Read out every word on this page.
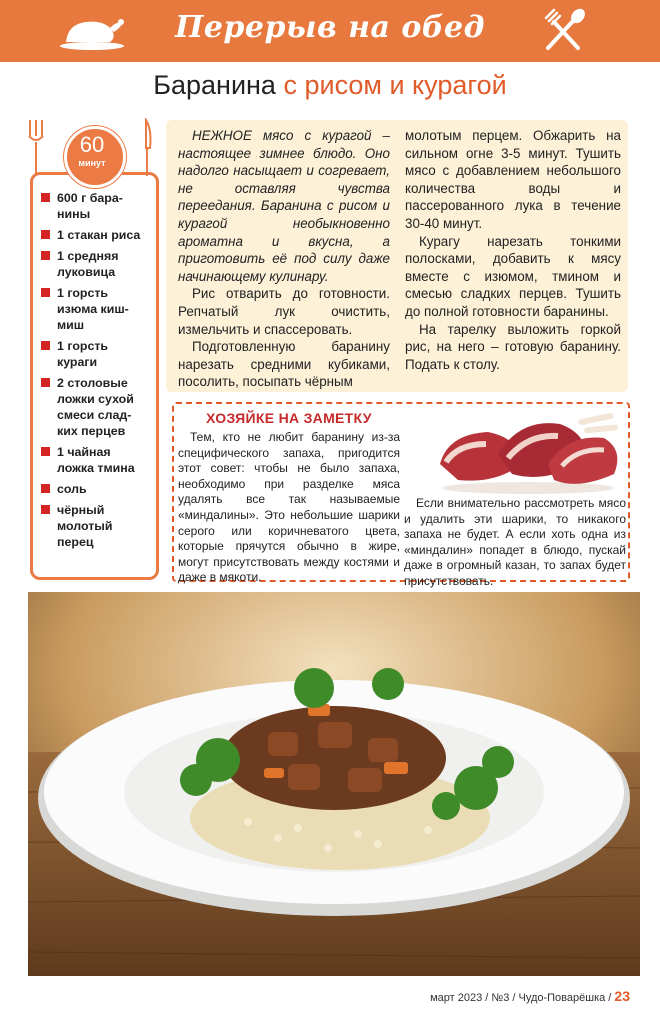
Перерыв на обед
Баранина с рисом и курагой

НЕЖНОЕ мясо с курагой – настоящее зимнее блюдо. Оно надолго насыщает и согревает, не оставляя чувства переедания. Баранина с рисом и курагой необыкновенно ароматна и вкусна, а приготовить её под силу даже начинающему кулинару.

Рис отварить до готовности. Репчатый лук очистить, измельчить и спассеровать.

Подготовленную баранину нарезать средними кубиками, посолить, посыпать чёрным

молотым перцем. Обжарить на сильном огне 3-5 минут. Тушить мясо с добавлением небольшого количества воды и пассерованного лука в течение 30-40 минут.

Курагу нарезать тонкими полосками, добавить к мясу вместе с изюмом, тмином и смесью сладких перцев. Тушить до полной готовности баранины.

На тарелку выложить горкой рис, на него – готовую баранину. Подать к столу.

60
минут
600 г бара-нины
1 стакан риса
1 средняя луковица
1 горсть изюма киш-миш
1 горсть кураги
2 столовые ложки сухой смеси слад-ких перцев
1 чайная ложка тмина
соль
чёрный молотый перец
ХОЗЯЙКЕ НА ЗАМЕТКУ

Тем, кто не любит баранину из-за специфического запаха, пригодится этот совет: чтобы не было запаха, необходимо при разделке мяса удалять все так называемые «миндалины». Это небольшие шарики серого или коричневатого цвета, которые прячутся обычно в жире, могут присутствовать между костями и даже в мякоти.

Если внимательно рассмотреть мясо и удалить эти шарики, то никакого запаха не будет. А если хоть одна из «миндалин» попадет в блюдо, пускай даже в огромный казан, то запах будет присутствовать.

март 2023 / №3 / Чудо-Поварёшка / 23
